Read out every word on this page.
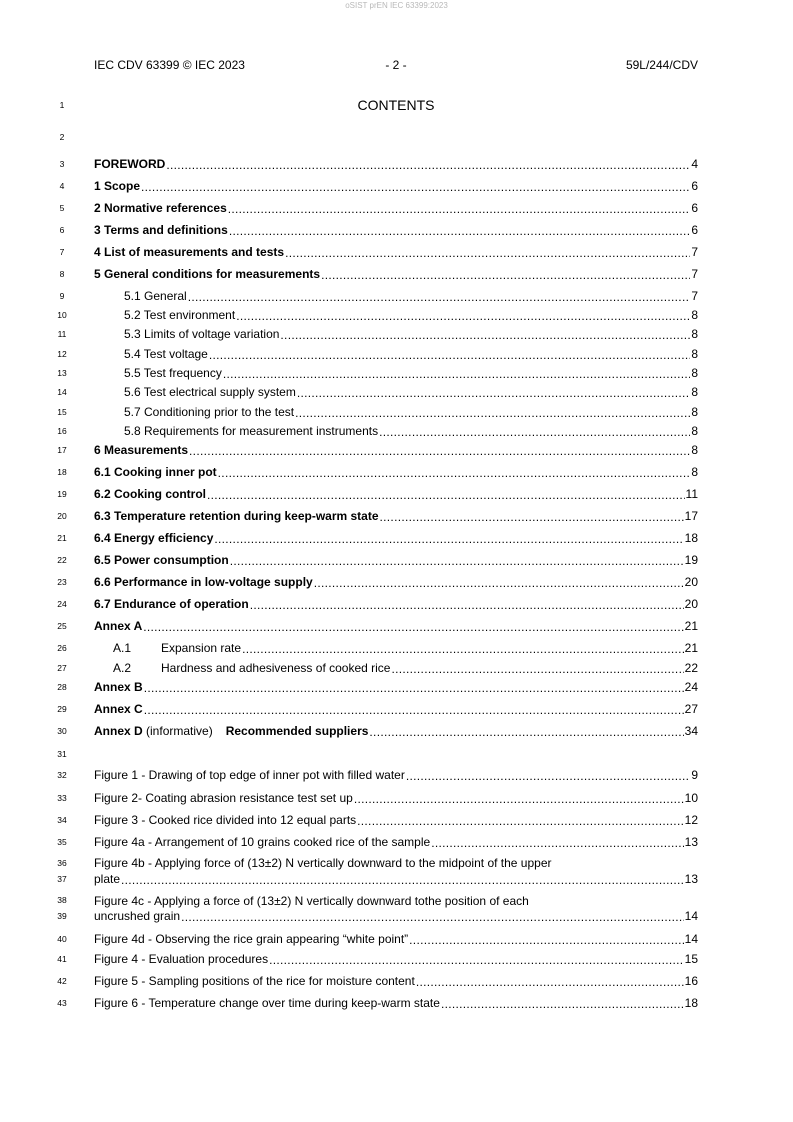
oSIST prEN IEC 63399:2023
IEC CDV 63399 © IEC 2023	- 2 -	59L/244/CDV
1	CONTENTS
2
3	FOREWORD .....	4
4	1 Scope .....	6
5	2 Normative references .....	6
6	3 Terms and definitions .....	6
7	4 List of measurements and tests .....	7
8	5 General conditions for measurements .....	7
9	5.1 General .....	7
10	5.2 Test environment .....	8
11	5.3 Limits of voltage variation .....	8
12	5.4 Test voltage .....	8
13	5.5 Test frequency .....	8
14	5.6 Test electrical supply system .....	8
15	5.7 Conditioning prior to the test .....	8
16	5.8 Requirements for measurement instruments .....	8
17	6 Measurements .....	8
18	6.1 Cooking inner pot .....	8
19	6.2 Cooking control .....	11
20	6.3 Temperature retention during keep-warm state .....	17
21	6.4 Energy efficiency .....	18
22	6.5 Power consumption .....	19
23	6.6 Performance in low-voltage supply .....	20
24	6.7 Endurance of operation .....	20
25	Annex A .....	21
26	A.1	Expansion rate .....	21
27	A.2	Hardness and adhesiveness of cooked rice .....	22
28	Annex B .....	24
29	Annex C .....	27
30	Annex D (informative) Recommended suppliers .....	34
31
32	Figure 1 - Drawing of top edge of inner pot with filled water .....	9
33	Figure 2- Coating abrasion resistance test set up .....	10
34	Figure 3 - Cooked rice divided into 12 equal parts .....	12
35	Figure 4a - Arrangement of 10 grains cooked rice of the sample .....	13
36	Figure 4b - Applying force of (13±2) N vertically downward to the midpoint of the upper
37	plate .....	13
38	Figure 4c - Applying a force of (13±2) N vertically downward tothe position of each
39	uncrushed grain .....	14
40	Figure 4d - Observing the rice grain appearing “white point” .....	14
41	Figure 4 - Evaluation procedures .....	15
42	Figure 5 - Sampling positions of the rice for moisture content .....	16
43	Figure 6 - Temperature change over time during keep-warm state .....	18
